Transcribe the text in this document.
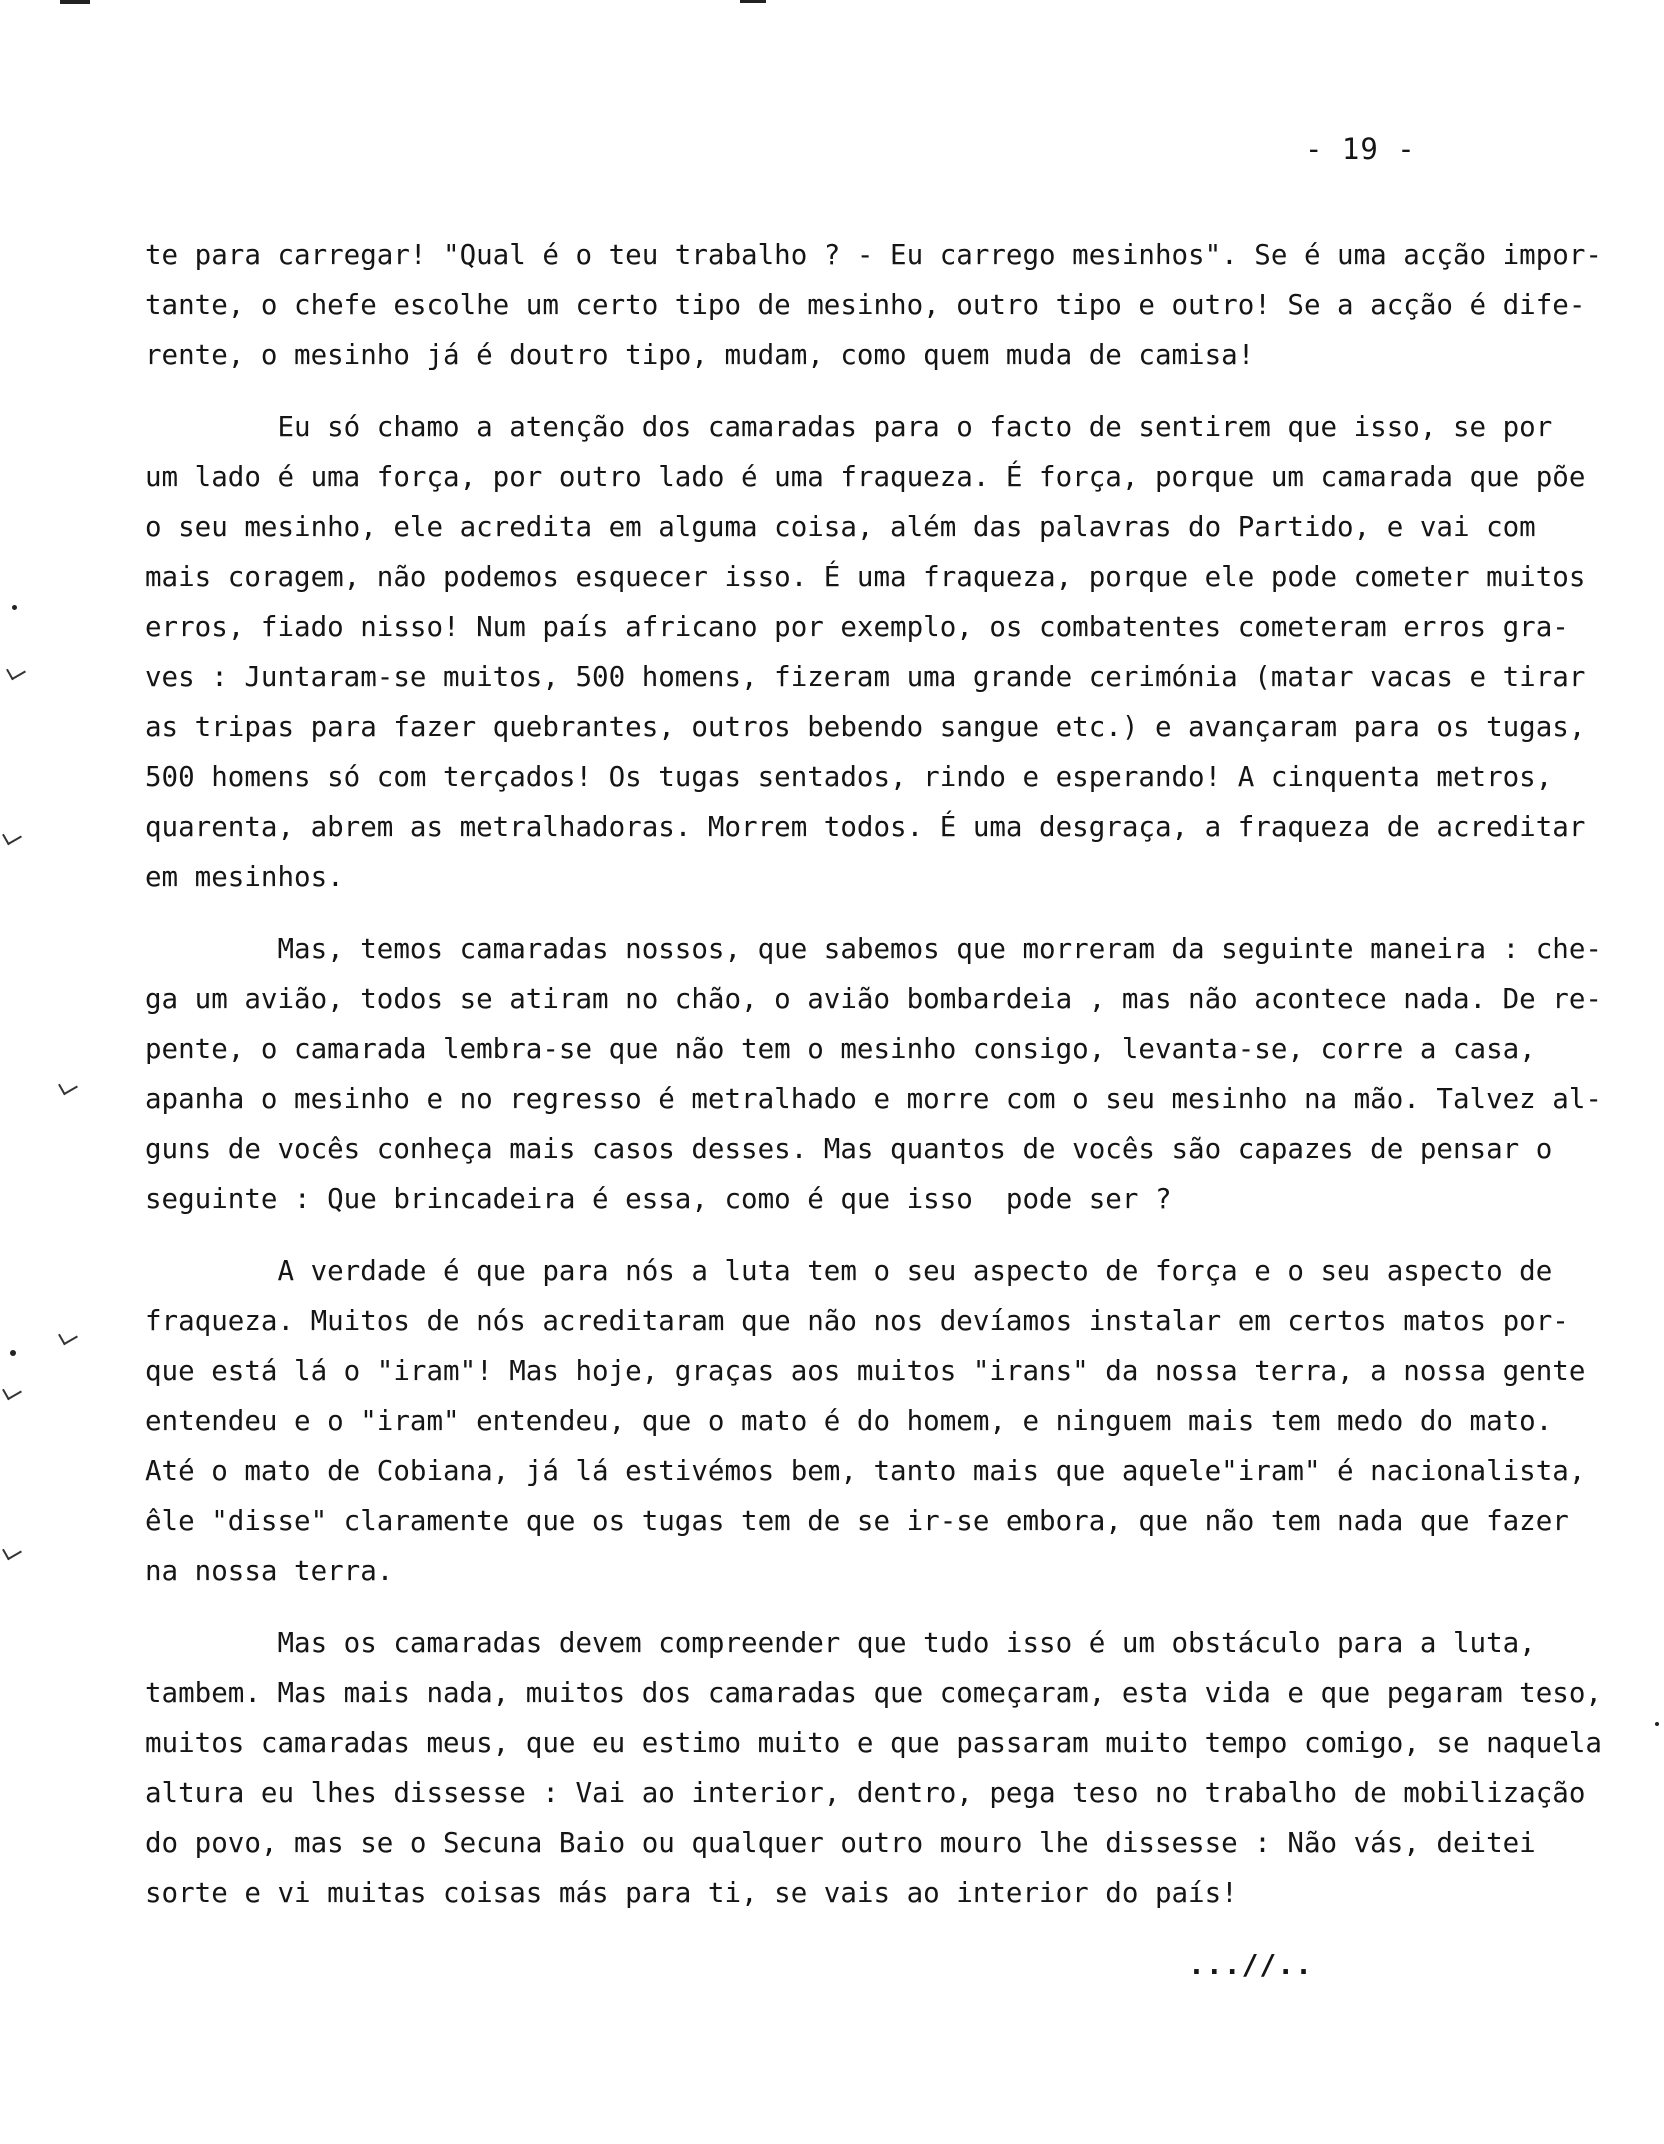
- 19 -
te para carregar! "Qual é o teu trabalho ? - Eu carrego mesinhos". Se é uma acção impor-
tante, o chefe escolhe um certo tipo de mesinho, outro tipo e outro! Se a acção é dife-
rente, o mesinho já é doutro tipo, mudam, como quem muda de camisa!
Eu só chamo a atenção dos camaradas para o facto de sentirem que isso, se por
um lado é uma força, por outro lado é uma fraqueza. É força, porque um camarada que põe
o seu mesinho, ele acredita em alguma coisa, além das palavras do Partido, e vai com
mais coragem, não podemos esquecer isso. É uma fraqueza, porque ele pode cometer muitos
erros, fiado nisso! Num país africano por exemplo, os combatentes cometeram erros gra-
ves : Juntaram-se muitos, 500 homens, fizeram uma grande cerimónia (matar vacas e tirar
as tripas para fazer quebrantes, outros bebendo sangue etc.) e avançaram para os tugas,
500 homens só com terçados! Os tugas sentados, rindo e esperando! A cinquenta metros,
quarenta, abrem as metralhadoras. Morrem todos. É uma desgraça, a fraqueza de acreditar
em mesinhos.
Mas, temos camaradas nossos, que sabemos que morreram da seguinte maneira : che-
ga um avião, todos se atiram no chão, o avião bombardeia , mas não acontece nada. De re-
pente, o camarada lembra-se que não tem o mesinho consigo, levanta-se, corre a casa,
apanha o mesinho e no regresso é metralhado e morre com o seu mesinho na mão. Talvez al-
guns de vocês conheça mais casos desses. Mas quantos de vocês são capazes de pensar o
seguinte : Que brincadeira é essa, como é que isso  pode ser ?
A verdade é que para nós a luta tem o seu aspecto de força e o seu aspecto de
fraqueza. Muitos de nós acreditaram que não nos devíamos instalar em certos matos por-
que está lá o "iram"! Mas hoje, graças aos muitos "irans" da nossa terra, a nossa gente
entendeu e o "iram" entendeu, que o mato é do homem, e ninguem mais tem medo do mato.
Até o mato de Cobiana, já lá estivémos bem, tanto mais que aquele"iram" é nacionalista,
êle "disse" claramente que os tugas tem de se ir-se embora, que não tem nada que fazer
na nossa terra.
Mas os camaradas devem compreender que tudo isso é um obstáculo para a luta,
tambem. Mas mais nada, muitos dos camaradas que começaram, esta vida e que pegaram teso,
muitos camaradas meus, que eu estimo muito e que passaram muito tempo comigo, se naquela
altura eu lhes dissesse : Vai ao interior, dentro, pega teso no trabalho de mobilização
do povo, mas se o Secuna Baio ou qualquer outro mouro lhe dissesse : Não vás, deitei
sorte e vi muitas coisas más para ti, se vais ao interior do país!
...//..
